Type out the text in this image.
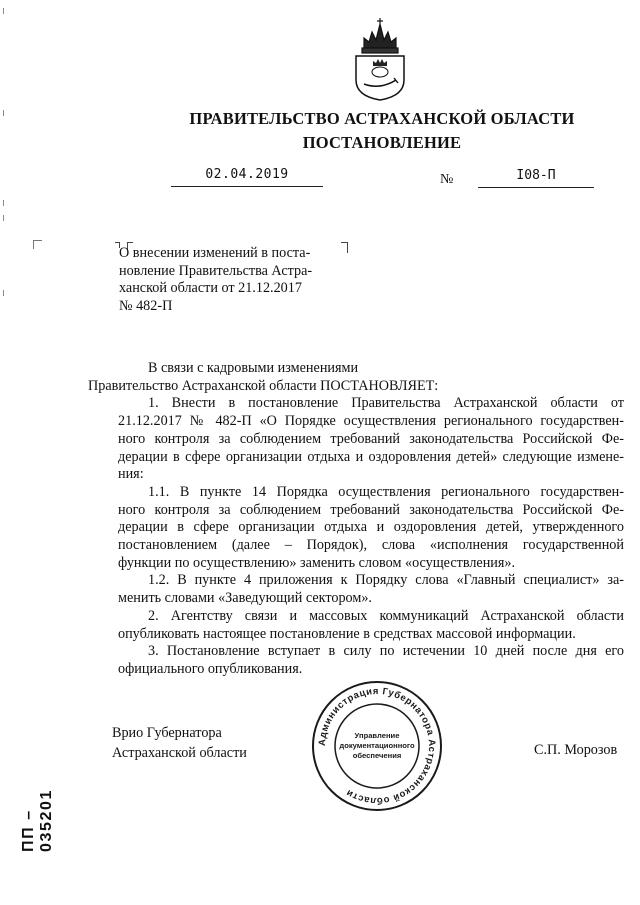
ПРАВИТЕЛЬСТВО АСТРАХАНСКОЙ ОБЛАСТИ
ПОСТАНОВЛЕНИЕ
02.04.2019	№	I08-П
О внесении изменений в поста-
новление Правительства Астра-
ханской области от 21.12.2017
№ 482-П
В связи с кадровыми изменениями
Правительство Астраханской области ПОСТАНОВЛЯЕТ:
1. Внести в постановление Правительства Астраханской области от
21.12.2017 № 482-П «О Порядке осуществления регионального государствен-
ного контроля за соблюдением требований законодательства Российской Фе-
дерации в сфере организации отдыха и оздоровления детей» следующие измене-
ния:
1.1. В пункте 14 Порядка осуществления регионального государствен-
ного контроля за соблюдением требований законодательства Российской Фе-
дерации в сфере организации отдыха и оздоровления детей, утвержденного
постановлением (далее – Порядок), слова «исполнения государственной
функции по осуществлению» заменить словом «осуществления».
1.2. В пункте 4 приложения к Порядку слова «Главный специалист» за-
менить словами «Заведующий сектором».
2. Агентству связи и массовых коммуникаций Астраханской области
опубликовать настоящее постановление в средствах массовой информации.
3. Постановление вступает в силу по истечении 10 дней после дня его
официального опубликования.
Администрация Губернатора Астраханской области
Управление
документационного
обеспечения
Врио Губернатора
Астраханской области	С.П. Морозов
ПП – 035201
